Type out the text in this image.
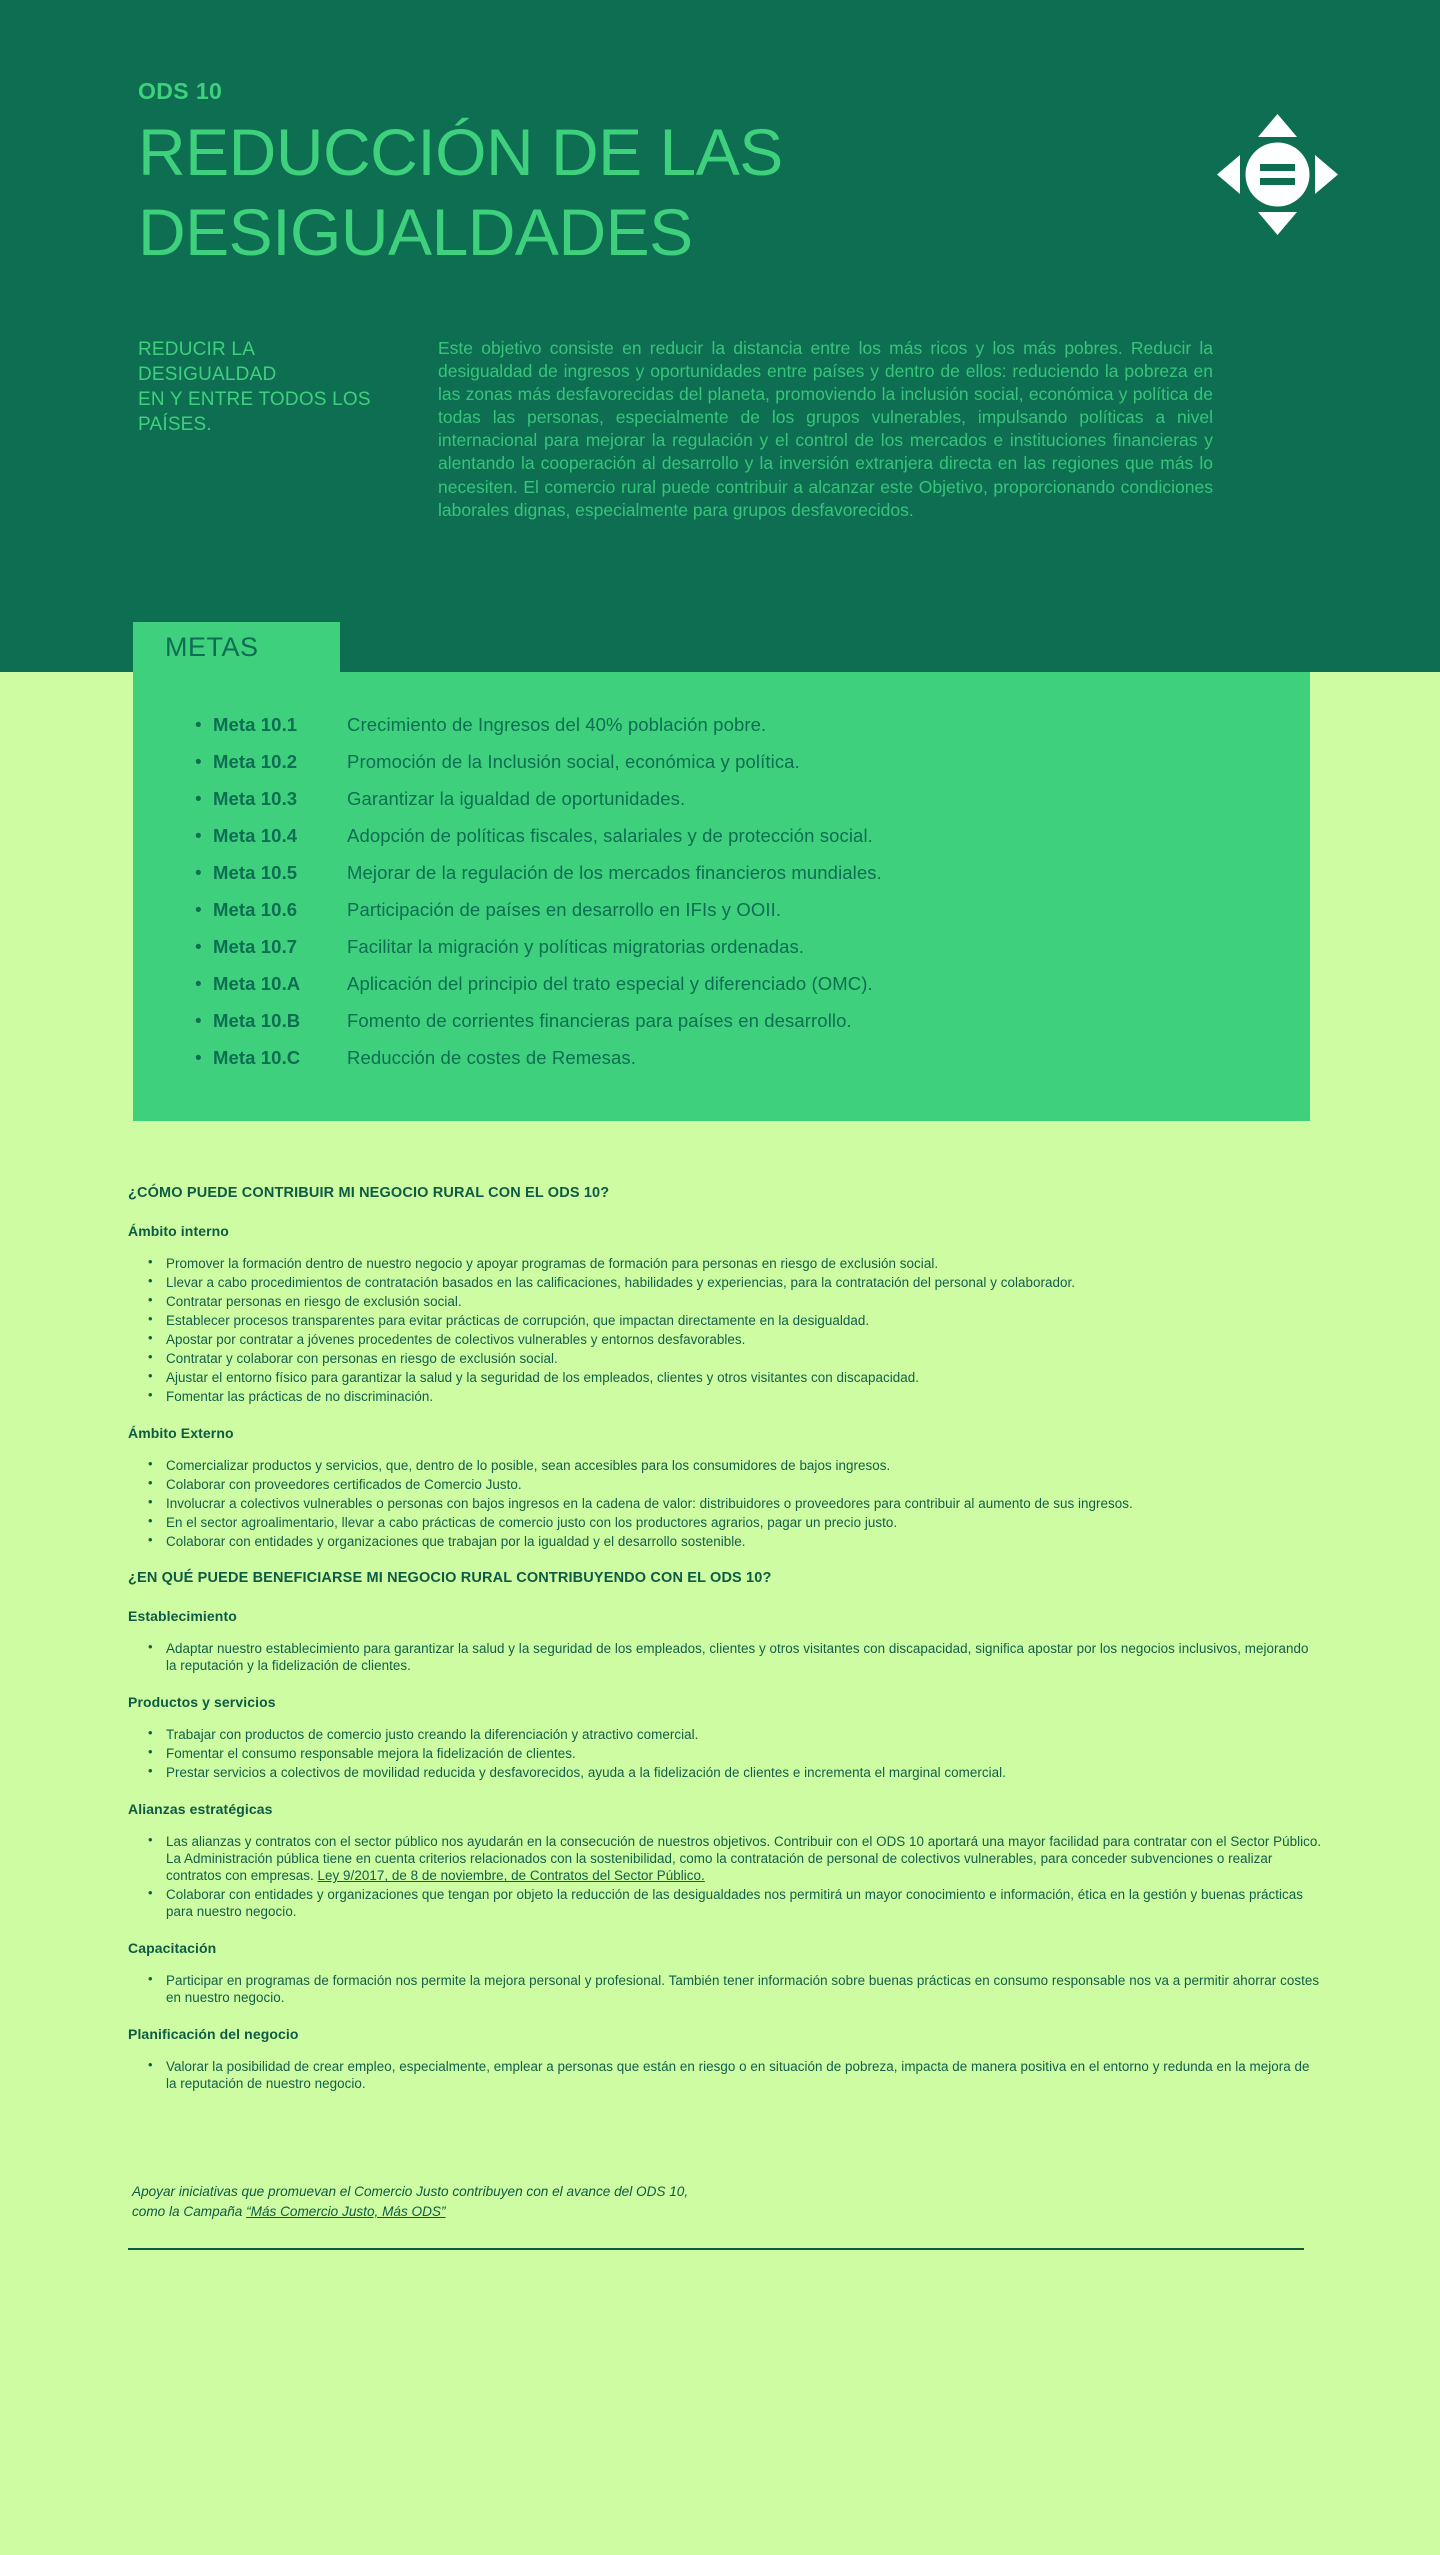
ODS 10
REDUCCIÓN DE LAS
DESIGUALDADES
REDUCIR LA
DESIGUALDAD
EN Y ENTRE TODOS LOS
PAÍSES.
Este objetivo consiste en reducir la distancia entre los más ricos y los más pobres. Reducir la desigualdad de ingresos y oportunidades entre países y dentro de ellos: reduciendo la pobreza en las zonas más desfavorecidas del planeta, promoviendo la inclusión social, económica y política de todas las personas, especialmente de los grupos vulnerables, impulsando políticas a nivel internacional para mejorar la regulación y el control de los mercados e instituciones financieras y alentando la cooperación al desarrollo y la inversión extranjera directa en las regiones que más lo necesiten. El comercio rural puede contribuir a alcanzar este Objetivo, proporcionando condiciones laborales dignas, especialmente para grupos desfavorecidos.
METAS
• Meta 10.1	Crecimiento de Ingresos del 40% población pobre.
• Meta 10.2	Promoción de la Inclusión social, económica y política.
• Meta 10.3	Garantizar la igualdad de oportunidades.
• Meta 10.4	Adopción de políticas fiscales, salariales y de protección social.
• Meta 10.5	Mejorar de la regulación de los mercados financieros mundiales.
• Meta 10.6	Participación de países en desarrollo en IFIs y OOII.
• Meta 10.7	Facilitar la migración y políticas migratorias ordenadas.
• Meta 10.A	Aplicación del principio del trato especial y diferenciado (OMC).
• Meta 10.B	Fomento de corrientes financieras para países en desarrollo.
• Meta 10.C	Reducción de costes de Remesas.
¿CÓMO PUEDE CONTRIBUIR MI NEGOCIO RURAL CON EL ODS 10?
Ámbito interno
• Promover la formación dentro de nuestro negocio y apoyar programas de formación para personas en riesgo de exclusión social.
• Llevar a cabo procedimientos de contratación basados en las calificaciones, habilidades y experiencias, para la contratación del personal y colaborador.
• Contratar personas en riesgo de exclusión social.
• Establecer procesos transparentes para evitar prácticas de corrupción, que impactan directamente en la desigualdad.
• Apostar por contratar a jóvenes procedentes de colectivos vulnerables y entornos desfavorables.
• Contratar y colaborar con personas en riesgo de exclusión social.
• Ajustar el entorno físico para garantizar la salud y la seguridad de los empleados, clientes y otros visitantes con discapacidad.
• Fomentar las prácticas de no discriminación.
Ámbito Externo
• Comercializar productos y servicios, que, dentro de lo posible, sean accesibles para los consumidores de bajos ingresos.
• Colaborar con proveedores certificados de Comercio Justo.
• Involucrar a colectivos vulnerables o personas con bajos ingresos en la cadena de valor: distribuidores o proveedores para contribuir al aumento de sus ingresos.
• En el sector agroalimentario, llevar a cabo prácticas de comercio justo con los productores agrarios, pagar un precio justo.
• Colaborar con entidades y organizaciones que trabajan por la igualdad y el desarrollo sostenible.
¿EN QUÉ PUEDE BENEFICIARSE MI NEGOCIO RURAL CONTRIBUYENDO CON EL ODS 10?
Establecimiento
• Adaptar nuestro establecimiento para garantizar la salud y la seguridad de los empleados, clientes y otros visitantes con discapacidad, significa apostar por los negocios inclusivos, mejorando la reputación y la fidelización de clientes.
Productos y servicios
• Trabajar con productos de comercio justo creando la diferenciación y atractivo comercial.
• Fomentar el consumo responsable mejora la fidelización de clientes.
• Prestar servicios a colectivos de movilidad reducida y desfavorecidos, ayuda a la fidelización de clientes e incrementa el marginal comercial.
Alianzas estratégicas
• Las alianzas y contratos con el sector público nos ayudarán en la consecución de nuestros objetivos. Contribuir con el ODS 10 aportará una mayor facilidad para contratar con el Sector Público. La Administración pública tiene en cuenta criterios relacionados con la sostenibilidad, como la contratación de personal de colectivos vulnerables, para conceder subvenciones o realizar contratos con empresas. Ley 9/2017, de 8 de noviembre, de Contratos del Sector Público.
• Colaborar con entidades y organizaciones que tengan por objeto la reducción de las desigualdades nos permitirá un mayor conocimiento e información, ética en la gestión y buenas prácticas para nuestro negocio.
Capacitación
• Participar en programas de formación nos permite la mejora personal y profesional. También tener información sobre buenas prácticas en consumo responsable nos va a permitir ahorrar costes en nuestro negocio.
Planificación del negocio
• Valorar la posibilidad de crear empleo, especialmente, emplear a personas que están en riesgo o en situación de pobreza, impacta de manera positiva en el entorno y redunda en la mejora de la reputación de nuestro negocio.
Apoyar iniciativas que promuevan el Comercio Justo contribuyen con el avance del ODS 10,
como la Campaña “Más Comercio Justo, Más ODS”
